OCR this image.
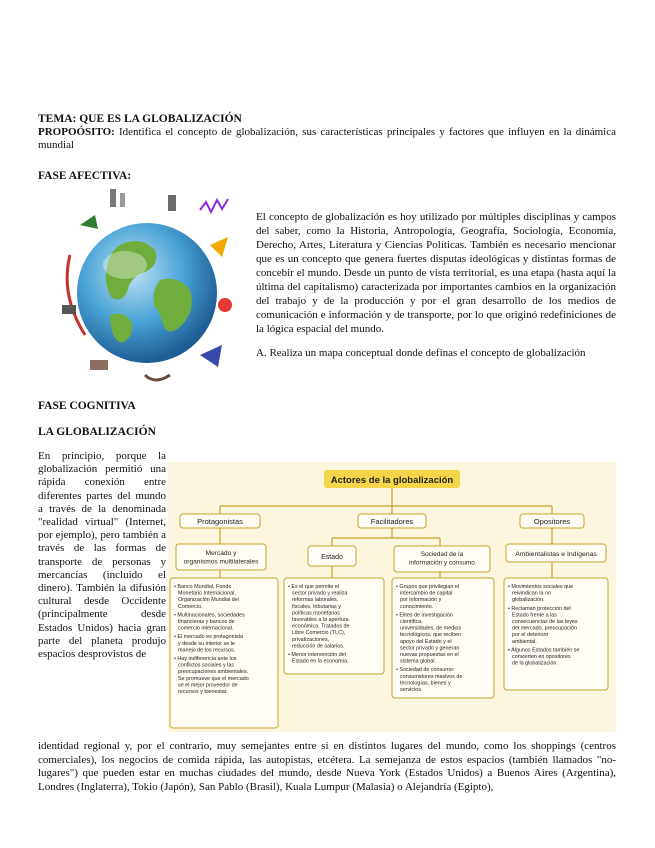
TEMA: QUE ES LA GLOBALIZACIÓN

PROPOÓSITO: Identifica el concepto de globalización, sus características principales y factores que influyen en la dinámica mundial

FASE AFECTIVA:

El concepto de globalización es hoy utilizado por múltiples disciplinas y campos del saber, como la Historia, Antropología, Geografía, Sociología, Economía, Derecho, Artes, Literatura y Ciencias Políticas. También es necesario mencionar que es un concepto que genera fuertes disputas ideológicas y distintas formas de concebir el mundo. Desde un punto de vista territorial, es una etapa (hasta aquí la última del capitalismo) caracterizada por importantes cambios en la organización del trabajo y de la producción y por el gran desarrollo de los medios de comunicación e información y de transporte, por lo que originó redefiniciones de la lógica espacial del mundo.

A. Realiza un mapa conceptual donde definas el concepto de globalización

FASE COGNITIVA
LA GLOBALIZACIÓN

En principio, porque la globalización permitió una rápida conexión entre diferentes partes del mundo a través de la denominada "realidad virtual" (Internet, por ejemplo), pero también a través de las formas de transporte de personas y mercancías (incluido el dinero). También la difusión cultural desde Occidente (principalmente desde Estados Unidos) hacia gran parte del planeta produjo espacios desprovistos de

Actores de la globalización
Protagonistas	Facilitadores	Opositores
Mercado y organismos multilaterales
Estado	Sociedad de la información y consumo
Ambientalistas e Indígenas
• Banco Mundial, Fondo Monetario Internacional, Organización Mundial del Comercio.
• Multinacionales, sociedades financieras y bancos de comercio internacional.
• El mercado es protagonista y desde su interior se le manejo de los recursos.
• Hay indiferencia ante los conflictos sociales y las preocupaciones ambientales. Se promueve que el mercado se el mejor proveedor de recursos y bienestar.
• Es el que permite el sector privado y realiza reformas laborales, fiscales, tributarias y políticas monetarias favorables a la apertura económica. Tratados de Libre Comercio (TLC), privatizaciones, reducción de salarios.
• Menor intervención del Estado en la economía.
• Grupos que privilegian el intercambio de capital por información y conocimiento.
• Elites de investigación científica, universidades, de medios tecnológicos, que reciben apoyo del Estado y el sector privado y generan nuevas propuestas en el sistema global.
• Sociedad de consumo: consumidores masivos de tecnologías, bienes y servicios.
• Movimientos sociales que reivindican la no globalización.
• Reclaman protección del Estado frente a las consecuencias de las leyes del mercado, preocupación por el deterioro ambiental.
• Algunos Estados también se convierten en opositores de la globalización.

identidad regional y, por el contrario, muy semejantes entre sí en distintos lugares del mundo, como los shoppings (centros comerciales), los negocios de comida rápida, las autopistas, etcétera. La semejanza de estos espacios (también llamados "no-lugares") que pueden estar en muchas ciudades del mundo, desde Nueva York (Estados Unidos) a Buenos Aires (Argentina), Londres (Inglaterra), Tokio (Japón), San Pablo (Brasil), Kuala Lumpur (Malasia) o Alejandría (Egipto),
